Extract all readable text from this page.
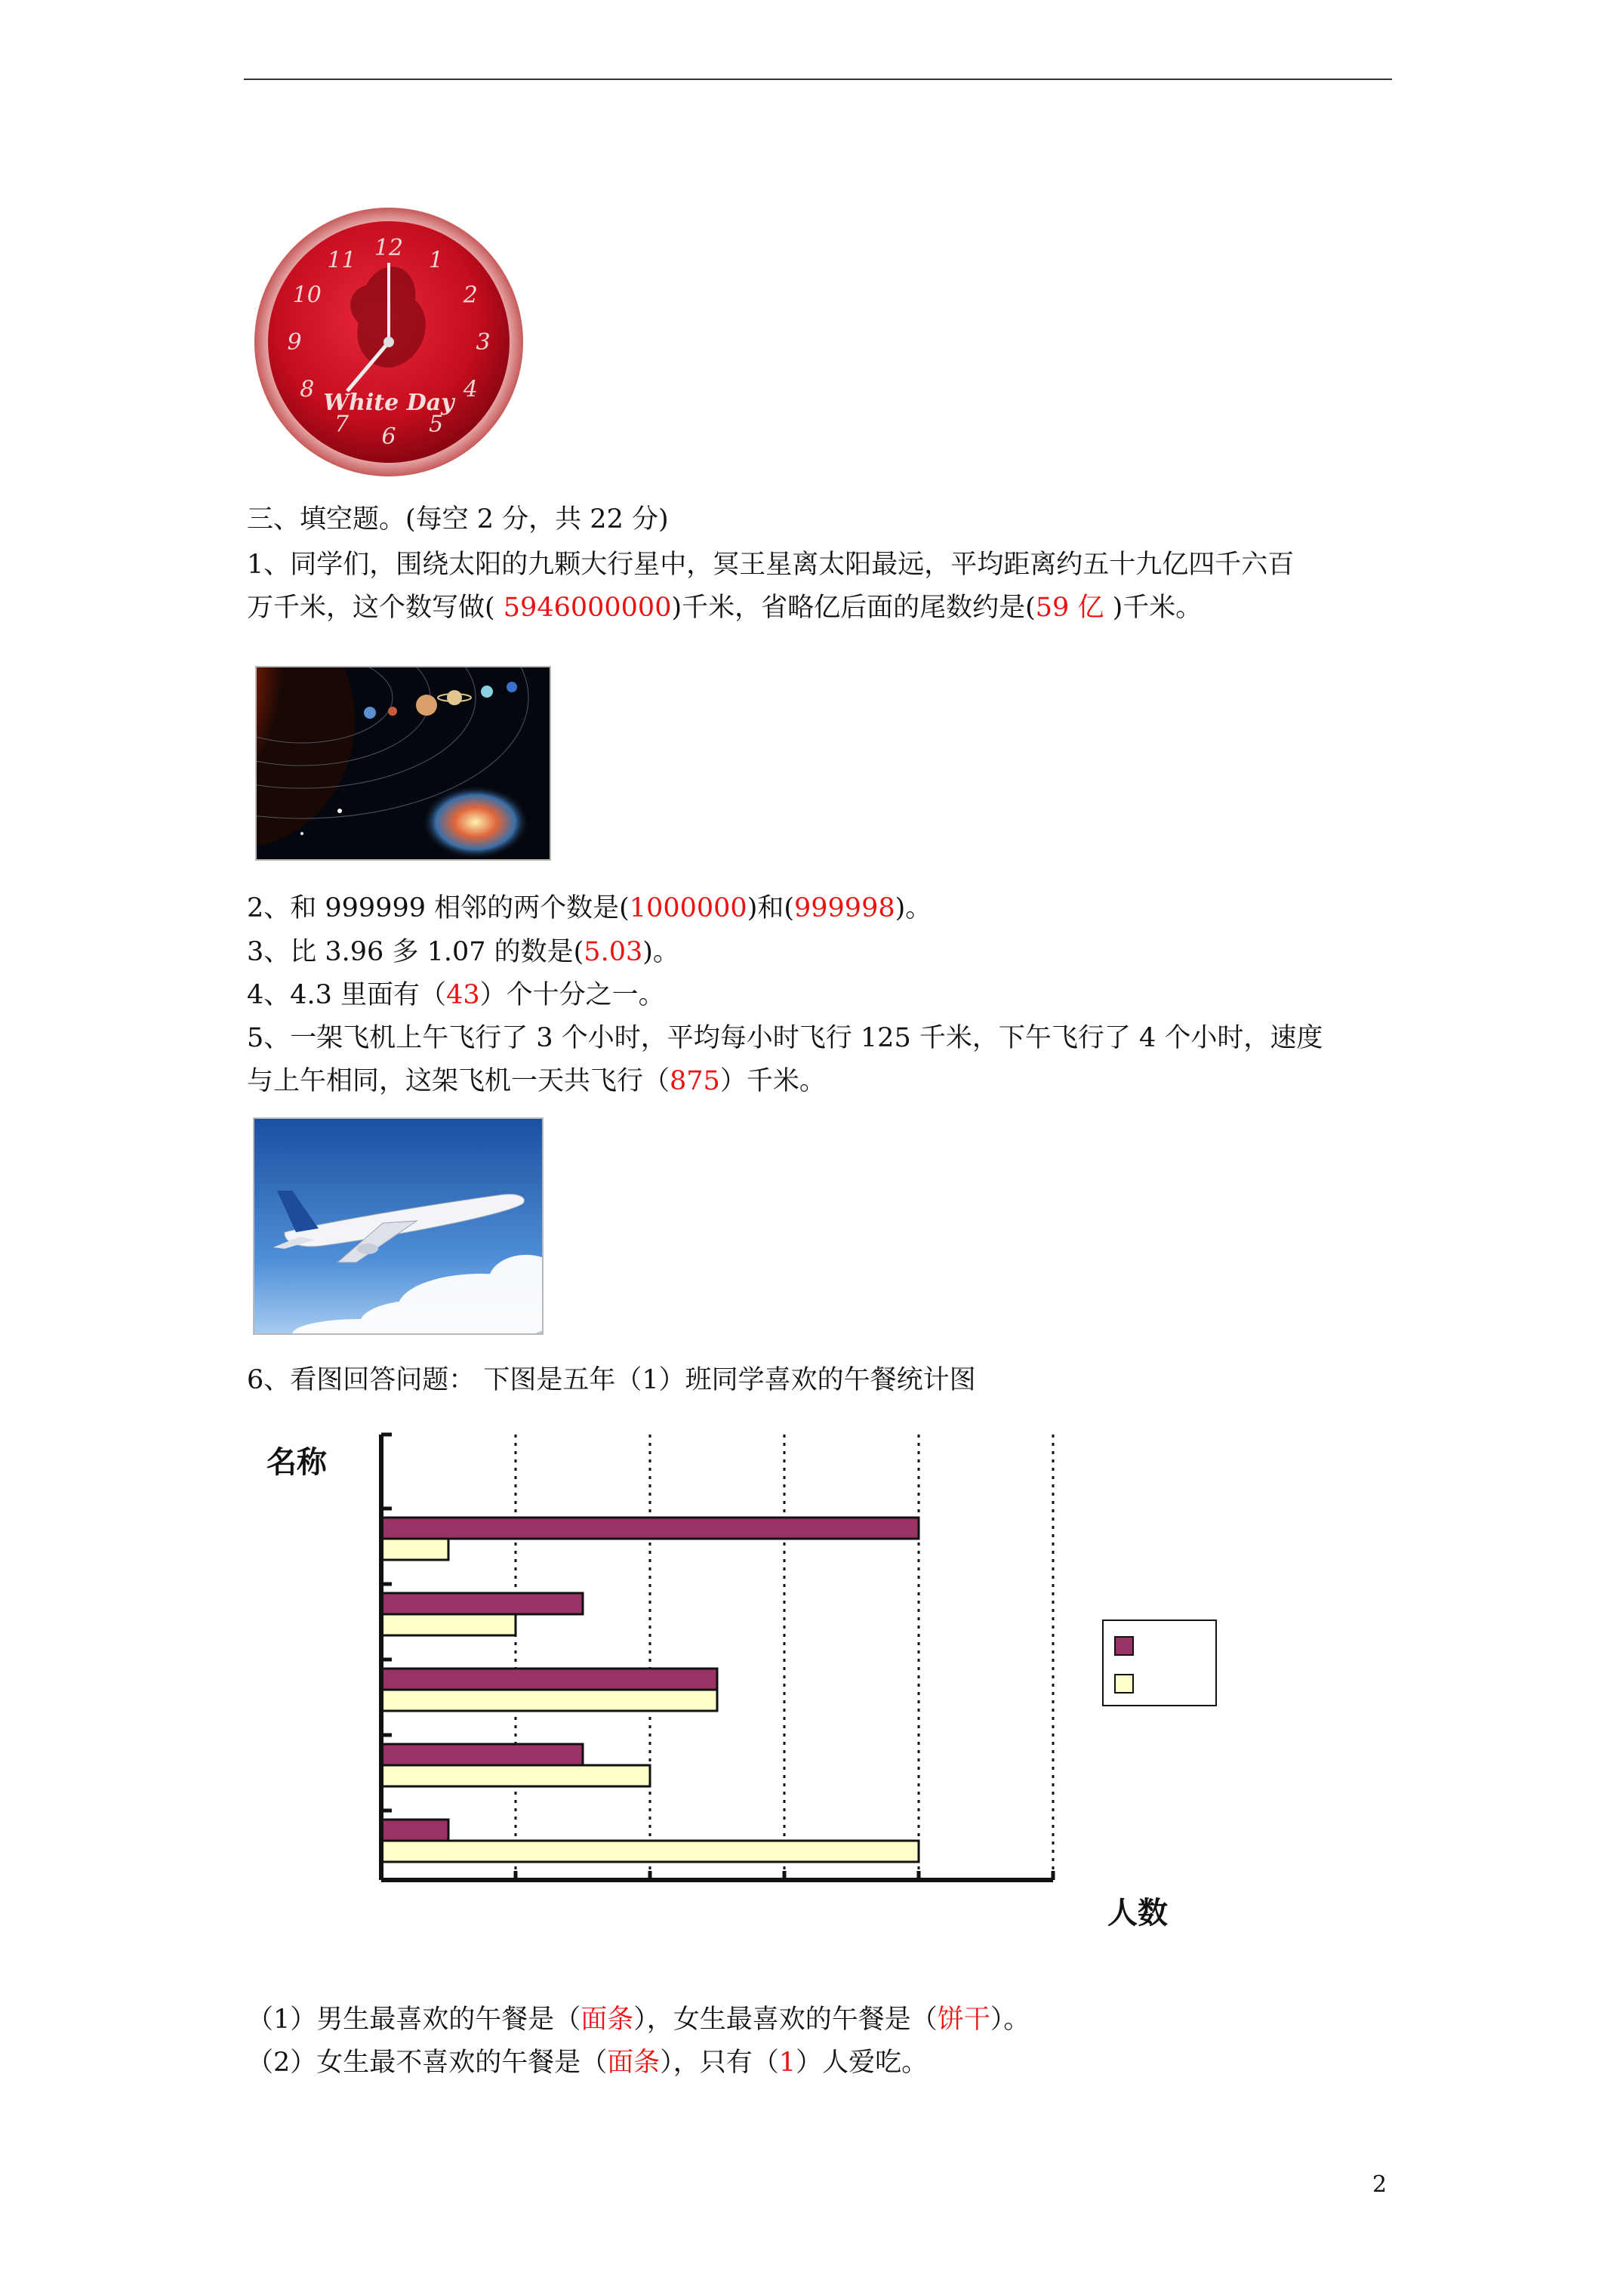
12 1
2
3
4
5
6
7
8
9
10
11
White Day
三、填空题。(每空 2 分，共 22 分)
1、同学们，围绕太阳的九颗大行星中，冥王星离太阳最远，平均距离约五十九亿四千六百
万千米，这个数写做( 5946000000)千米，省略亿后面的尾数约是(59 亿 )千米。
2、和 999999 相邻的两个数是(1000000)和(999998)。
3、比 3.96 多 1.07 的数是(5.03)。
4、4.3 里面有（43）个十分之一。
5、一架飞机上午飞行了 3 个小时，平均每小时飞行 125 千米，下午飞行了 4 个小时，速度
与上午相同，这架飞机一天共飞行（875）千米。
6、看图回答问题： 下图是五年（1）班同学喜欢的午餐统计图
名称
人数
（1）男生最喜欢的午餐是（面条），女生最喜欢的午餐是（饼干）。
（2）女生最不喜欢的午餐是（面条），只有（1）人爱吃。
2
